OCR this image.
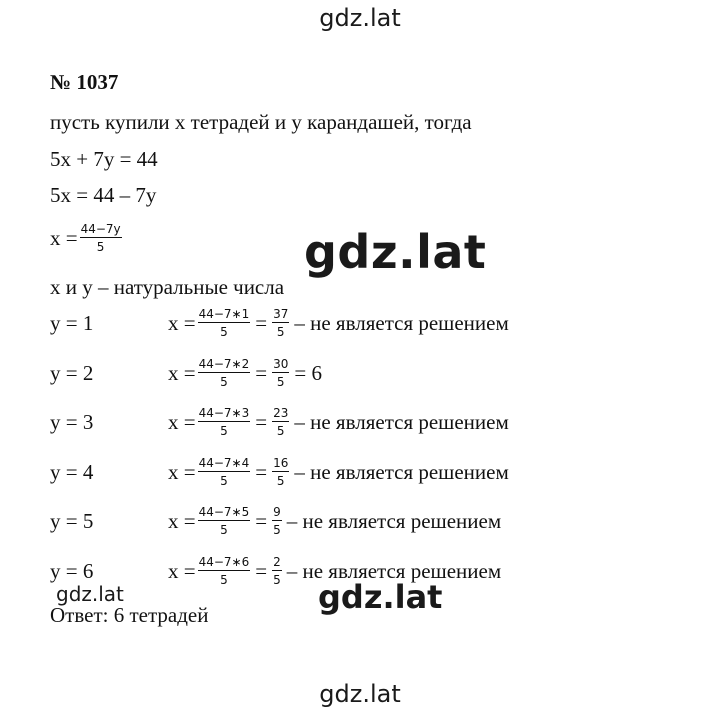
gdz.lat
№ 1037
пусть купили x тетрадей и y карандашей, тогда
5x + 7y = 44
5x = 44 – 7y
$x = \frac{44-7y}{5}$
x и y – натуральные числа
gdz.lat
y = 1	$x = \frac{44-7∗1}{5} = \frac{37}{5}$ – не является решением
y = 2	$x = \frac{44-7∗2}{5} = \frac{30}{5} = 6$
y = 3	$x = \frac{44-7∗3}{5} = \frac{23}{5}$ – не является решением
y = 4	$x = \frac{44-7∗4}{5} = \frac{16}{5}$ – не является решением
y = 5	$x = \frac{44-7∗5}{5} = \frac{9}{5}$ – не является решением
y = 6	$x = \frac{44-7∗6}{5} = \frac{2}{5}$ – не является решением
gdz.lat	gdz.lat
Ответ: 6 тетрадей
gdz.lat
